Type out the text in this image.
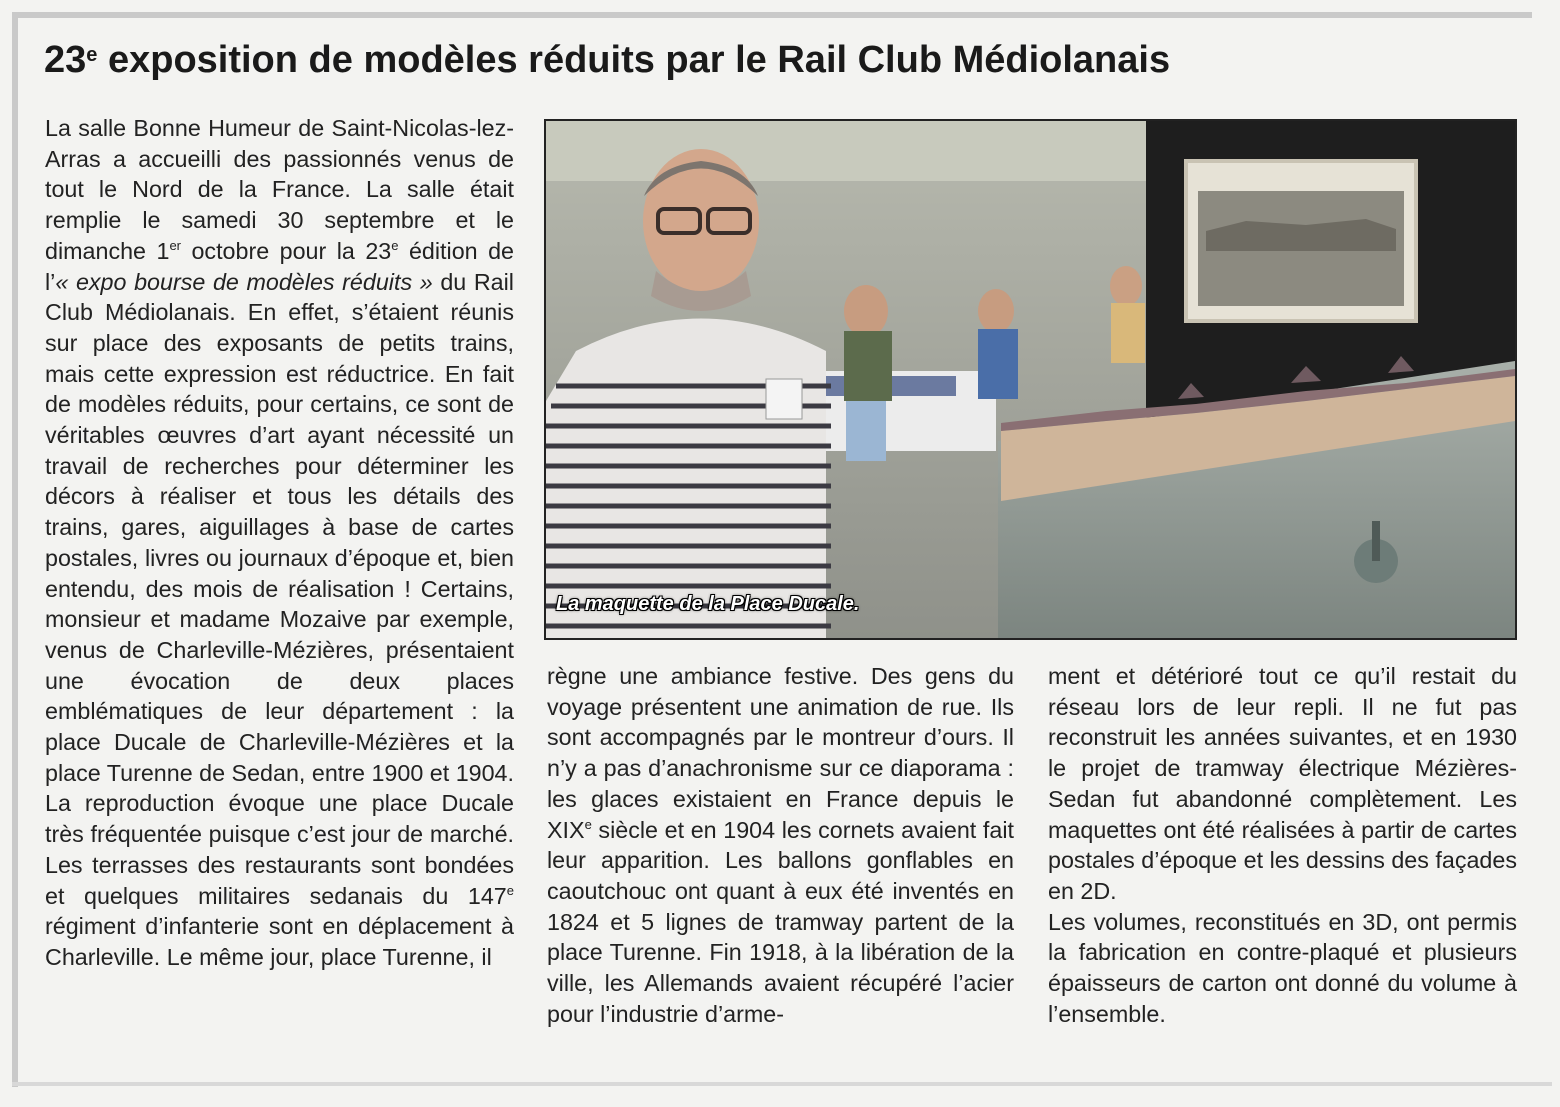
23e exposition de modèles réduits par le Rail Club Médiolanais

La salle Bonne Humeur de Saint-Nicolas-lez-Arras a accueilli des passionnés venus de tout le Nord de la France. La salle était remplie le samedi 30 septembre et le dimanche 1er octobre pour la 23e édition de l’« expo bourse de modèles réduits » du Rail Club Médiolanais. En effet, s’étaient réunis sur place des exposants de petits trains, mais cette expression est réductrice. En fait de modèles réduits, pour certains, ce sont de véritables œuvres d’art ayant nécessité un travail de recherches pour déterminer les décors à réaliser et tous les détails des trains, gares, aiguillages à base de cartes postales, livres ou journaux d’époque et, bien entendu, des mois de réalisation ! Certains, monsieur et madame Mozaive par exemple, venus de Charleville-Mézières, présentaient une évocation de deux places emblématiques de leur département : la place Ducale de Charleville-Mézières et la place Turenne de Sedan, entre 1900 et 1904. La reproduction évoque une place Ducale très fréquentée puisque c’est jour de marché. Les terrasses des restaurants sont bondées et quelques militaires sedanais du 147e régiment d’infanterie sont en déplacement à Charleville. Le même jour, place Turenne, il

La maquette de la Place Ducale.

règne une ambiance festive. Des gens du voyage présentent une animation de rue. Ils sont accompagnés par le montreur d’ours. Il n’y a pas d’anachronisme sur ce diaporama : les glaces existaient en France depuis le XIXe siècle et en 1904 les cornets avaient fait leur apparition. Les ballons gonflables en caoutchouc ont quant à eux été inventés en 1824 et 5 lignes de tramway partent de la place Turenne. Fin 1918, à la libération de la ville, les Allemands avaient récupéré l’acier pour l’industrie d’arme-

ment et détérioré tout ce qu’il restait du réseau lors de leur repli. Il ne fut pas reconstruit les années suivantes, et en 1930 le projet de tramway électrique Mézières-Sedan fut abandonné complètement. Les maquettes ont été réalisées à partir de cartes postales d’époque et les dessins des façades en 2D.

Les volumes, reconstitués en 3D, ont permis la fabrication en contre-plaqué et plusieurs épaisseurs de carton ont donné du volume à l’ensemble.
